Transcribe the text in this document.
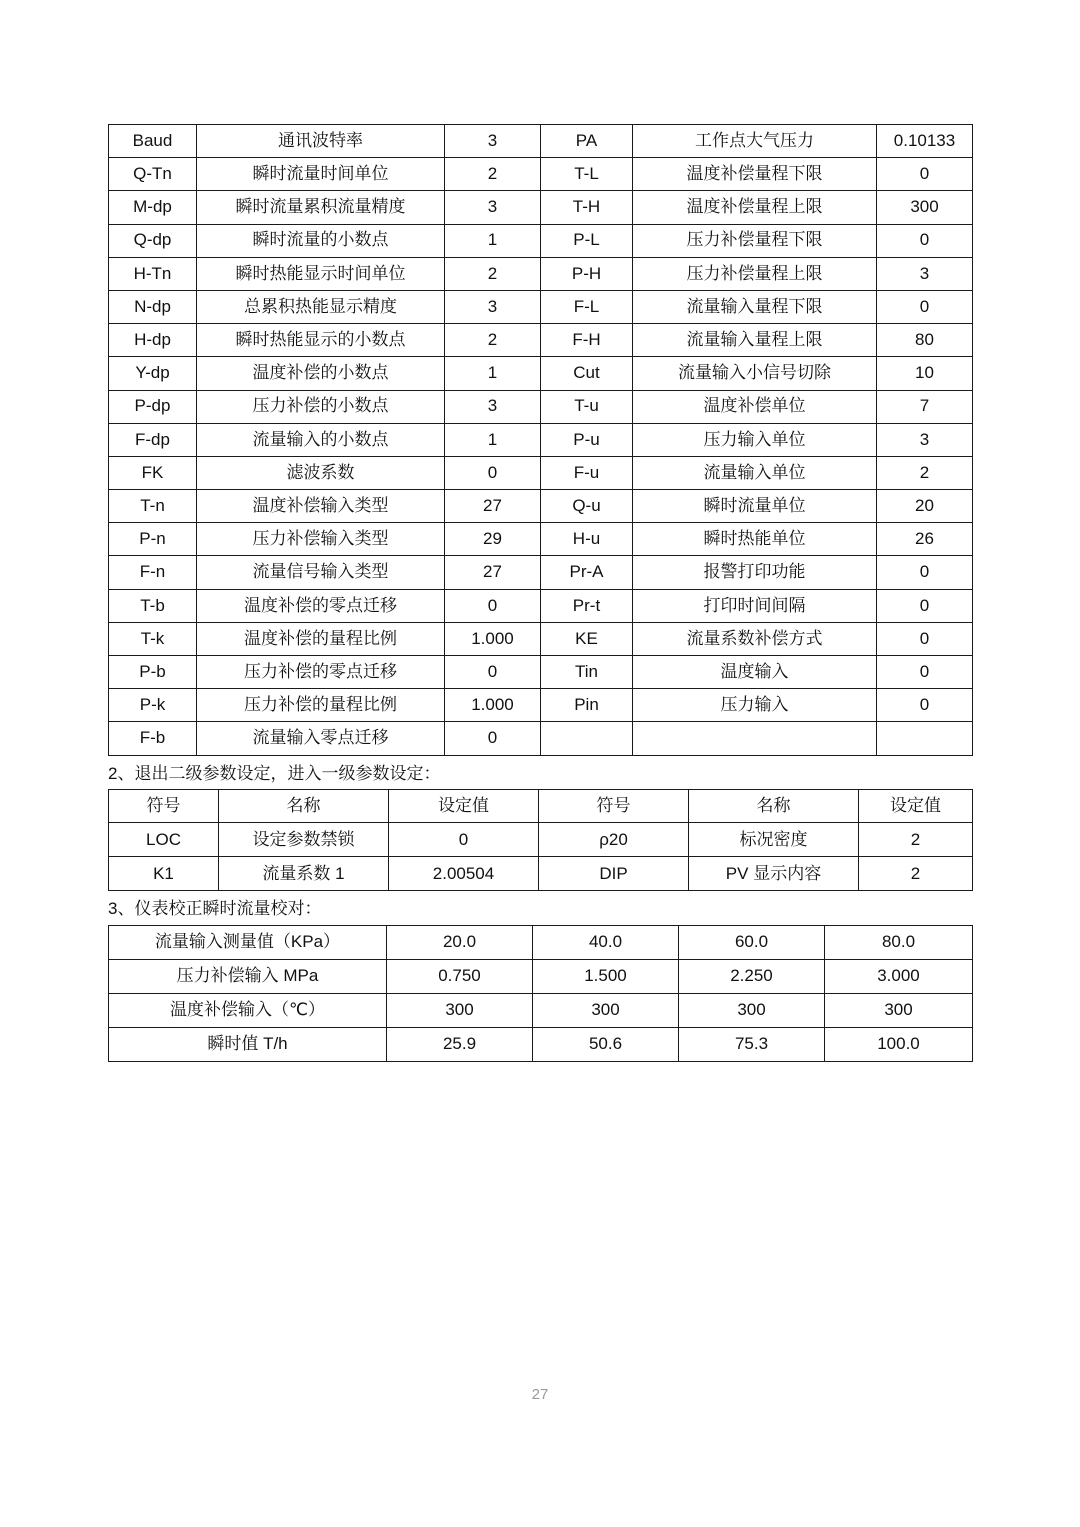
Baud	通讯波特率	3	PA	工作点大气压力	0.10133
Q-Tn	瞬时流量时间单位	2	T-L	温度补偿量程下限	0
M-dp	瞬时流量累积流量精度	3	T-H	温度补偿量程上限	300
Q-dp	瞬时流量的小数点	1	P-L	压力补偿量程下限	0
H-Tn	瞬时热能显示时间单位	2	P-H	压力补偿量程上限	3
N-dp	总累积热能显示精度	3	F-L	流量输入量程下限	0
H-dp	瞬时热能显示的小数点	2	F-H	流量输入量程上限	80
Y-dp	温度补偿的小数点	1	Cut	流量输入小信号切除	10
P-dp	压力补偿的小数点	3	T-u	温度补偿单位	7
F-dp	流量输入的小数点	1	P-u	压力输入单位	3
FK	滤波系数	0	F-u	流量输入单位	2
T-n	温度补偿输入类型	27	Q-u	瞬时流量单位	20
P-n	压力补偿输入类型	29	H-u	瞬时热能单位	26
F-n	流量信号输入类型	27	Pr-A	报警打印功能	0
T-b	温度补偿的零点迁移	0	Pr-t	打印时间间隔	0
T-k	温度补偿的量程比例	1.000	KE	流量系数补偿方式	0
P-b	压力补偿的零点迁移	0	Tin	温度输入	0
P-k	压力补偿的量程比例	1.000	Pin	压力输入	0
F-b	流量输入零点迁移	0			

2、退出二级参数设定，进入一级参数设定：

符号	名称	设定值	符号	名称	设定值
LOC	设定参数禁锁	0	ρ20	标况密度	2
K1	流量系数 1	2.00504	DIP	PV 显示内容	2

3、仪表校正瞬时流量校对：

流量输入测量值（KPa）	20.0	40.0	60.0	80.0
压力补偿输入 MPa	0.750	1.500	2.250	3.000
温度补偿输入（℃）	300	300	300	300
瞬时值 T/h	25.9	50.6	75.3	100.0
27
